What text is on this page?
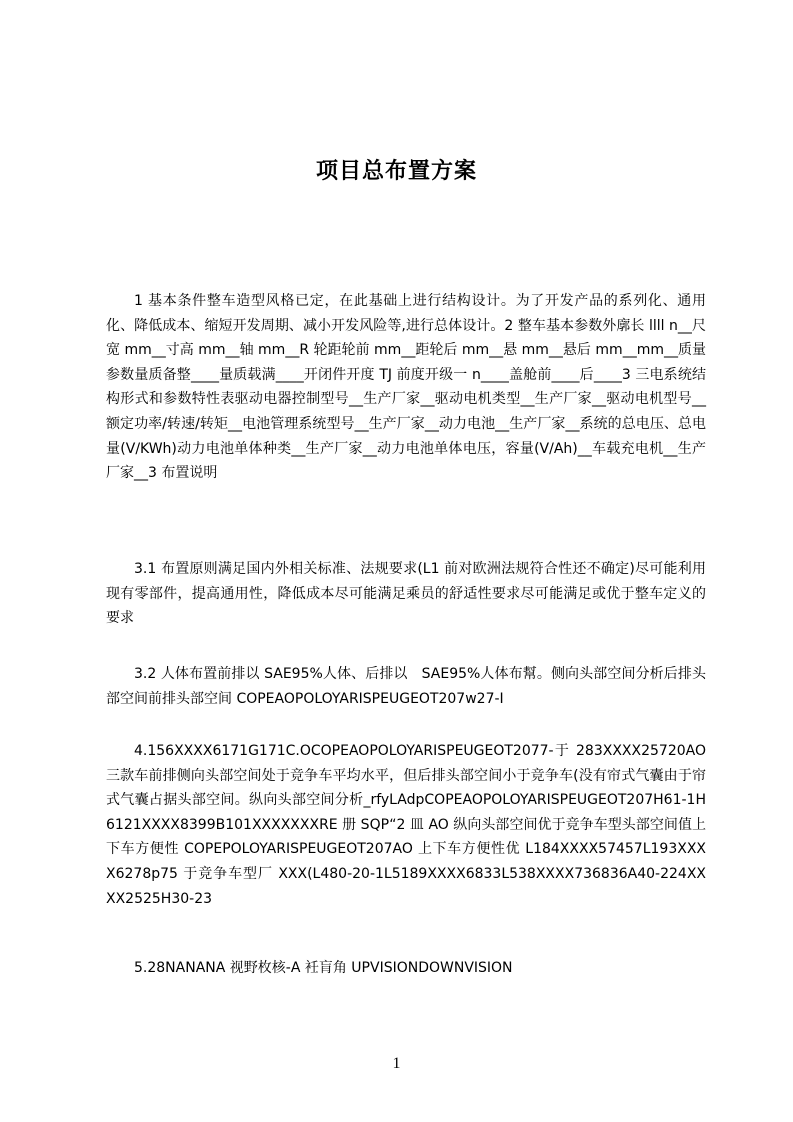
项目总布置方案

1 基本条件整车造型风格已定，在此基础上进行结构设计。为了开发产品的系列化、通用化、降低成本、缩短开发周期、减小开发风险等,进行总体设计。2 整车基本参数外廓长 llll n__尺宽 mm__寸高 mm__轴 mm__R 轮距轮前 mm__距轮后 mm__悬 mm__悬后 mm__mm__质量参数量质备整____量质载满____开闭件开度 TJ 前度开级一 n____盖舱前____后____3 三电系统结构形式和参数特性表驱动电器控制型号__生产厂家__驱动电机类型__生产厂家__驱动电机型号__额定功率/转速/转矩__电池管理系统型号__生产厂家__动力电池__生产厂家__系统的总电压、总电量(V/KWh)动力电池单体种类__生产厂家__动力电池单体电压，容量(V/Ah)__车载充电机__生产厂家__3 布置说明

3.1 布置原则满足国内外相关标准、法规要求(L1 前对欧洲法规符合性还不确定)尽可能利用现有零部件，提高通用性，降低成本尽可能满足乘员的舒适性要求尽可能满足或优于整车定义的要求

3.2 人体布置前排以 SAE95%人体、后排以　SAE95%人体布幫。侧向头部空间分析后排头部空间前排头部空间 COPEAOPOLOYARISPEUGEOT207w27-I

4.156XXXX6171G171C.OCOPEAOPOLOYARISPEUGEOT2077-于 283XXXX25720AO 三款车前排侧向头部空间处于竞争车平均水平，但后排头部空间小于竞争车(没有帘式气囊由于帘式气囊占据头部空间。纵向头部空间分析_rfyLAdpCOPEAOPOLOYARISPEUGEOT207H61-1H6121XXXX8399B101XXXXXXXRE 册 SQP“2 皿 AO 纵向头部空间优于竞争车型头部空间值上下车方便性 COPEPOLOYARISPEUGEOT207AO 上下车方便性优 L184XXXX57457L193XXXX6278p75 于竞争车型厂 XXX(L480-20-1L5189XXXX6833L538XXXX736836A40-224XXXX2525H30-23

5.28NANANA 视野枚核-A 衽肓角 UPVISIONDOWNVISION

1
